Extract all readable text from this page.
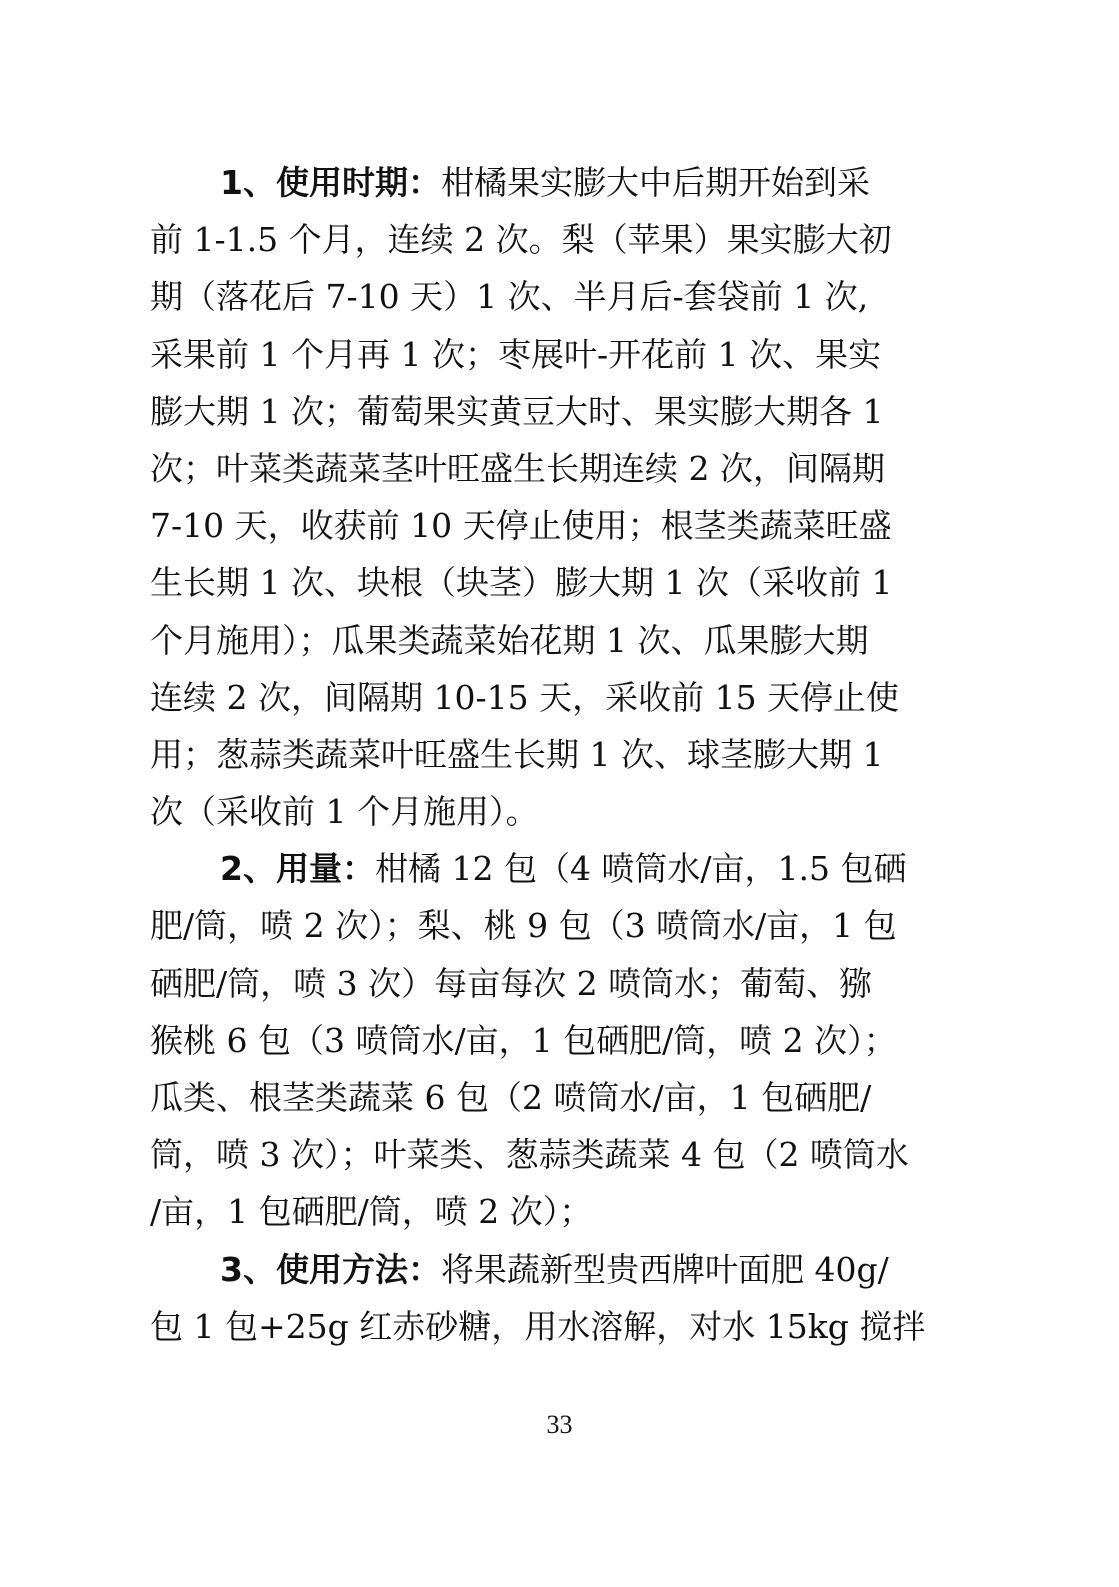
1、使用时期：柑橘果实膨大中后期开始到采
前 1-1.5 个月，连续 2 次。梨（苹果）果实膨大初
期（落花后 7-10 天）1 次、半月后-套袋前 1 次,
采果前 1 个月再 1 次；枣展叶-开花前 1 次、果实
膨大期 1 次；葡萄果实黄豆大时、果实膨大期各 1
次；叶菜类蔬菜茎叶旺盛生长期连续 2 次，间隔期
7-10 天，收获前 10 天停止使用；根茎类蔬菜旺盛
生长期 1 次、块根（块茎）膨大期 1 次（采收前 1
个月施用）；瓜果类蔬菜始花期 1 次、瓜果膨大期
连续 2 次，间隔期 10-15 天，采收前 15 天停止使
用；葱蒜类蔬菜叶旺盛生长期 1 次、球茎膨大期 1
次（采收前 1 个月施用）。
2、用量：柑橘 12 包（4 喷筒水/亩，1.5 包硒
肥/筒，喷 2 次）；梨、桃 9 包（3 喷筒水/亩，1 包
硒肥/筒，喷 3 次）每亩每次 2 喷筒水；葡萄、猕
猴桃 6 包（3 喷筒水/亩，1 包硒肥/筒，喷 2 次）；
瓜类、根茎类蔬菜 6 包（2 喷筒水/亩，1 包硒肥/
筒，喷 3 次）；叶菜类、葱蒜类蔬菜 4 包（2 喷筒水
/亩，1 包硒肥/筒，喷 2 次）；
3、使用方法：将果蔬新型贵西牌叶面肥 40g/
包 1 包+25g 红赤砂糖，用水溶解，对水 15kg 搅拌
33
